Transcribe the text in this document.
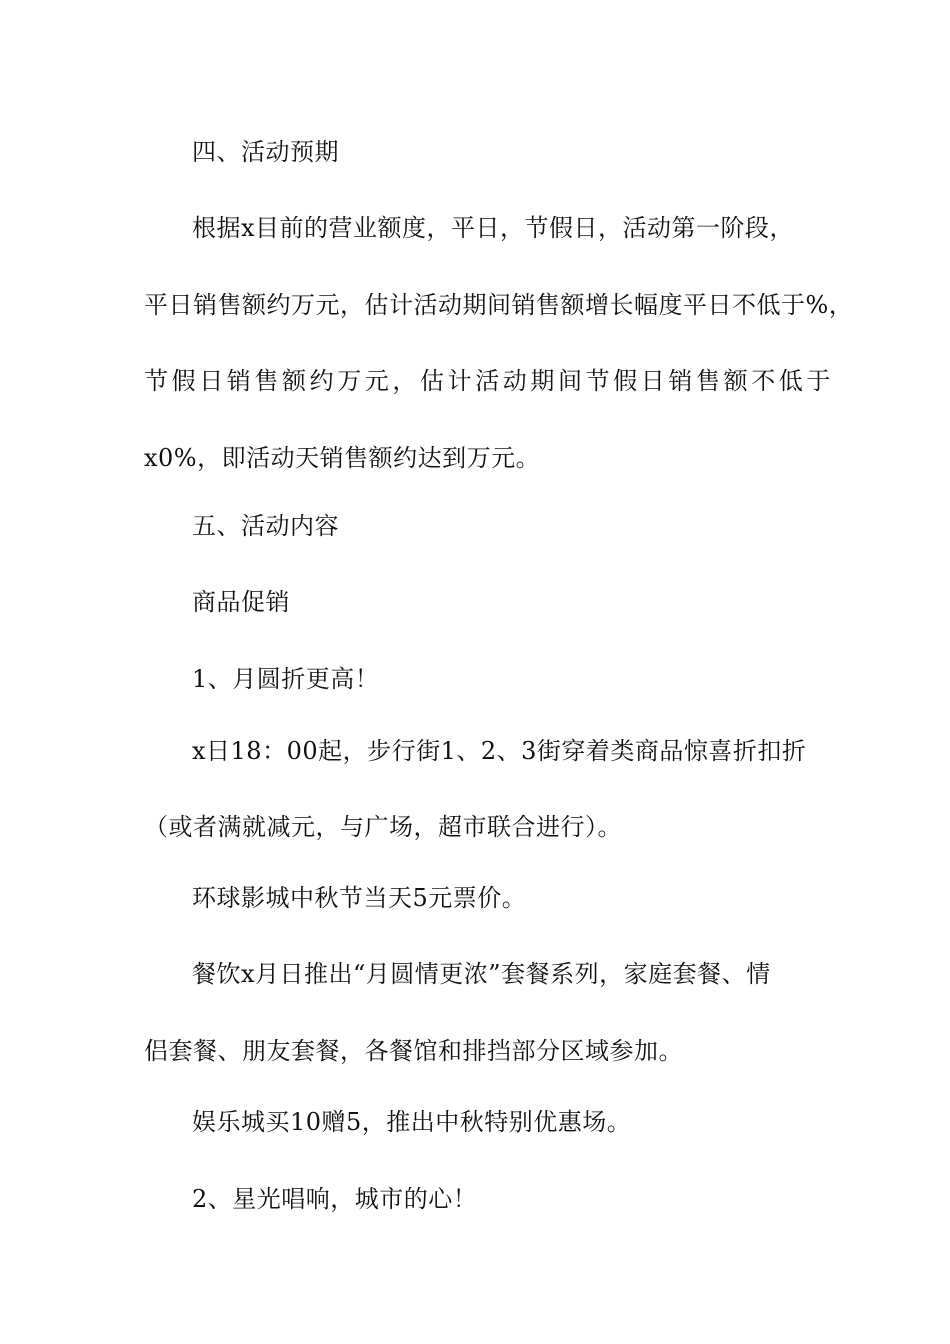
四、活动预期
根据x目前的营业额度，平日，节假日，活动第一阶段，
平日销售额约万元，估计活动期间销售额增长幅度平日不低于%，
节假日销售额约万元，估计活动期间节假日销售额不低于
x0%，即活动天销售额约达到万元。
五、活动内容
商品促销
1、月圆折更高！
x日18：00起，步行街1、2、3街穿着类商品惊喜折扣折
（或者满就减元，与广场，超市联合进行）。
环球影城中秋节当天5元票价。
餐饮x月日推出“月圆情更浓”套餐系列，家庭套餐、情
侣套餐、朋友套餐，各餐馆和排挡部分区域参加。
娱乐城买10赠5，推出中秋特别优惠场。
2、星光唱响，城市的心！
